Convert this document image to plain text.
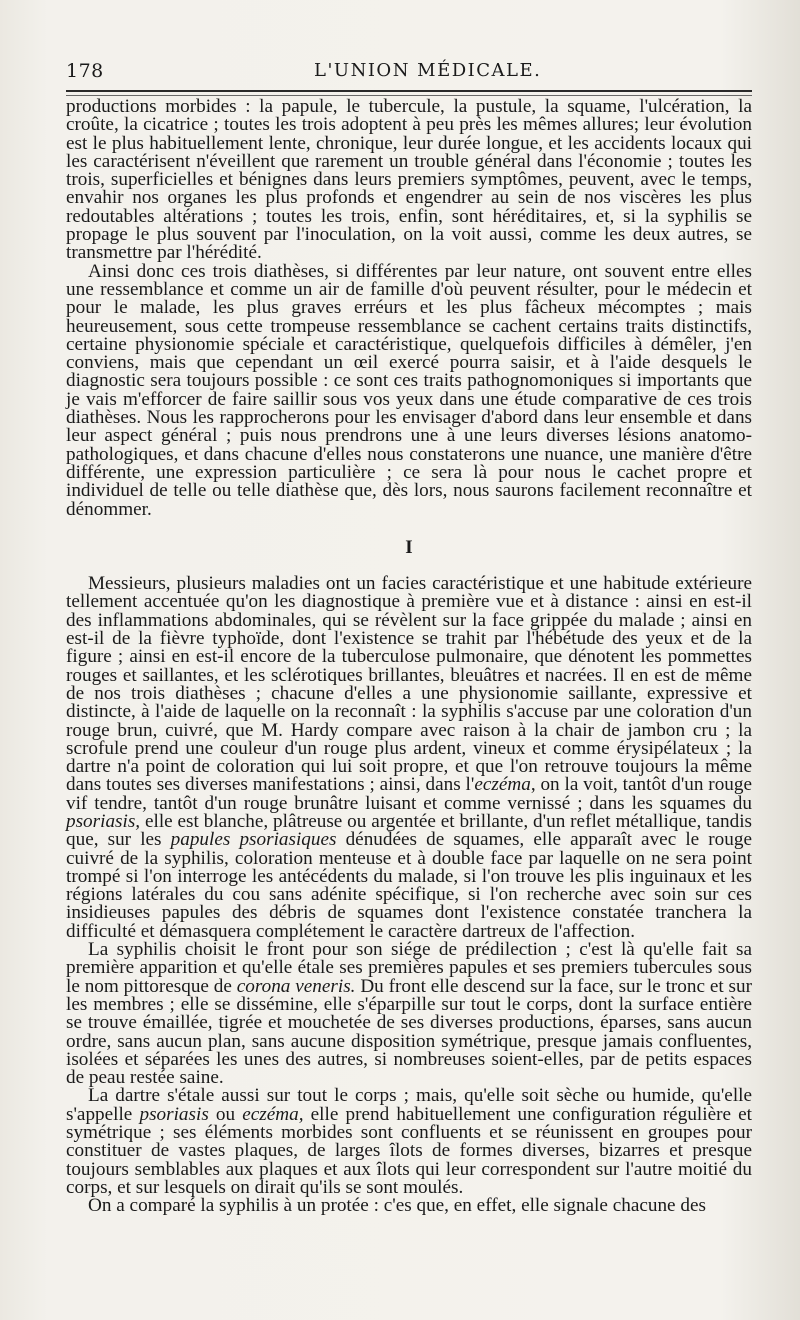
178	L'UNION MÉDICALE.

productions morbides : la papule, le tubercule, la pustule, la squame, l'ulcération, la croûte, la cicatrice ; toutes les trois adoptent à peu près les mêmes allures; leur évolution est le plus habituellement lente, chronique, leur durée longue, et les accidents locaux qui les caractérisent n'éveillent que rarement un trouble général dans l'économie ; toutes les trois, superficielles et bénignes dans leurs premiers symptômes, peuvent, avec le temps, envahir nos organes les plus profonds et engendrer au sein de nos viscères les plus redoutables altérations ; toutes les trois, enfin, sont héréditaires, et, si la syphilis se propage le plus souvent par l'inoculation, on la voit aussi, comme les deux autres, se transmettre par l'hérédité.

Ainsi donc ces trois diathèses, si différentes par leur nature, ont souvent entre elles une ressemblance et comme un air de famille d'où peuvent résulter, pour le médecin et pour le malade, les plus graves erréurs et les plus fâcheux mécomptes ; mais heureusement, sous cette trompeuse ressemblance se cachent certains traits distinctifs, certaine physionomie spéciale et caractéristique, quelquefois difficiles à démêler, j'en conviens, mais que cependant un œil exercé pourra saisir, et à l'aide desquels le diagnostic sera toujours possible : ce sont ces traits pathognomoniques si importants que je vais m'efforcer de faire saillir sous vos yeux dans une étude comparative de ces trois diathèses. Nous les rapprocherons pour les envisager d'abord dans leur ensemble et dans leur aspect général ; puis nous prendrons une à une leurs diverses lésions anatomo-pathologiques, et dans chacune d'elles nous constaterons une nuance, une manière d'être différente, une expression particulière ; ce sera là pour nous le cachet propre et individuel de telle ou telle diathèse que, dès lors, nous saurons facilement reconnaître et dénommer.

I

Messieurs, plusieurs maladies ont un facies caractéristique et une habitude extérieure tellement accentuée qu'on les diagnostique à première vue et à distance : ainsi en est-il des inflammations abdominales, qui se révèlent sur la face grippée du malade ; ainsi en est-il de la fièvre typhoïde, dont l'existence se trahit par l'hébétude des yeux et de la figure ; ainsi en est-il encore de la tuberculose pulmonaire, que dénotent les pommettes rouges et saillantes, et les sclérotiques brillantes, bleuâtres et nacrées. Il en est de même de nos trois diathèses ; chacune d'elles a une physionomie saillante, expressive et distincte, à l'aide de laquelle on la reconnaît : la syphilis s'accuse par une coloration d'un rouge brun, cuivré, que M. Hardy compare avec raison à la chair de jambon cru ; la scrofule prend une couleur d'un rouge plus ardent, vineux et comme érysipélateux ; la dartre n'a point de coloration qui lui soit propre, et que l'on retrouve toujours la même dans toutes ses diverses manifestations ; ainsi, dans l'eczéma, on la voit, tantôt d'un rouge vif tendre, tantôt d'un rouge brunâtre luisant et comme vernissé ; dans les squames du psoriasis, elle est blanche, plâtreuse ou argentée et brillante, d'un reflet métallique, tandis que, sur les papules psoriasiques dénudées de squames, elle apparaît avec le rouge cuivré de la syphilis, coloration menteuse et à double face par laquelle on ne sera point trompé si l'on interroge les antécédents du malade, si l'on trouve les plis inguinaux et les régions latérales du cou sans adénite spécifique, si l'on recherche avec soin sur ces insidieuses papules des débris de squames dont l'existence constatée tranchera la difficulté et démasquera complétement le caractère dartreux de l'affection.

La syphilis choisit le front pour son siége de prédilection ; c'est là qu'elle fait sa première apparition et qu'elle étale ses premières papules et ses premiers tubercules sous le nom pittoresque de corona veneris. Du front elle descend sur la face, sur le tronc et sur les membres ; elle se dissémine, elle s'éparpille sur tout le corps, dont la surface entière se trouve émaillée, tigrée et mouchetée de ses diverses productions, éparses, sans aucun ordre, sans aucun plan, sans aucune disposition symétrique, presque jamais confluentes, isolées et séparées les unes des autres, si nombreuses soient-elles, par de petits espaces de peau restée saine.

La dartre s'étale aussi sur tout le corps ; mais, qu'elle soit sèche ou humide, qu'elle s'appelle psoriasis ou eczéma, elle prend habituellement une configuration régulière et symétrique ; ses éléments morbides sont confluents et se réunissent en groupes pour constituer de vastes plaques, de larges îlots de formes diverses, bizarres et presque toujours semblables aux plaques et aux îlots qui leur correspondent sur l'autre moitié du corps, et sur lesquels on dirait qu'ils se sont moulés.

On a comparé la syphilis à un protée : c'es que, en effet, elle signale chacune des
